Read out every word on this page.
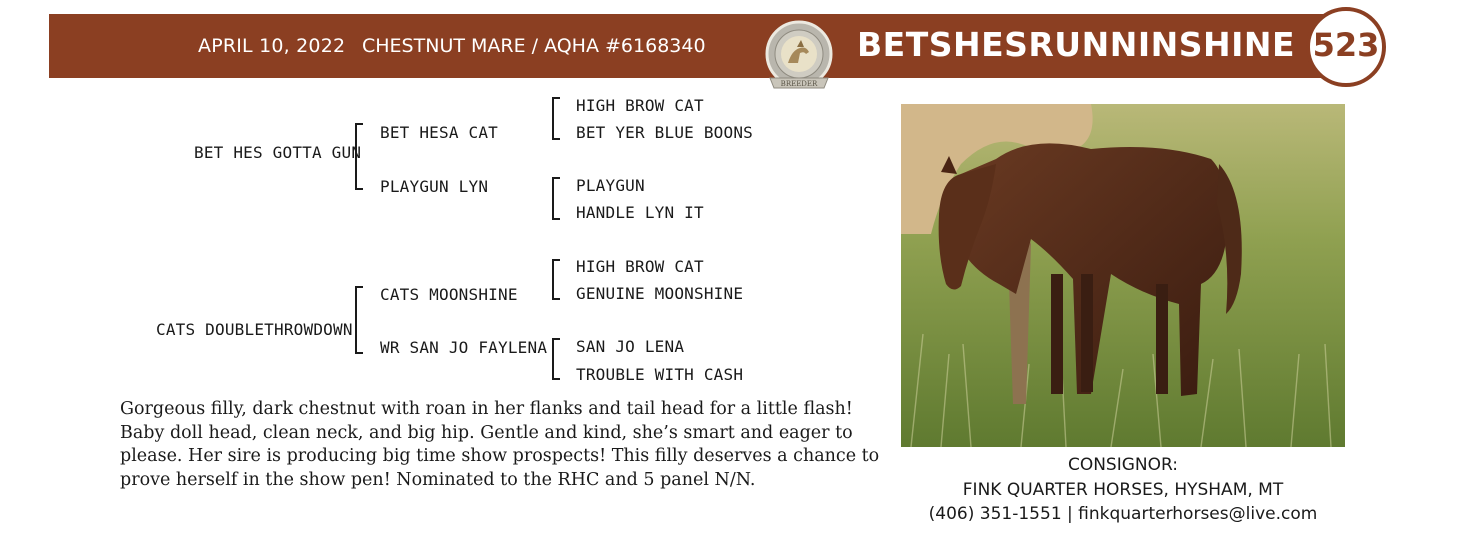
APRIL 10, 2022 CHESTNUT MARE / AQHA #6168340
BREEDER
BETSHESRUNNINSHINE 523
BET HES GOTTA GUN
BET HESA CAT
PLAYGUN LYN
HIGH BROW CAT
BET YER BLUE BOONS
PLAYGUN
HANDLE LYN IT
CATS DOUBLETHROWDOWN
CATS MOONSHINE
WR SAN JO FAYLENA
HIGH BROW CAT
GENUINE MOONSHINE
SAN JO LENA
TROUBLE WITH CASH
Gorgeous filly, dark chestnut with roan in her flanks and tail head for a little flash! Baby doll head, clean neck, and big hip. Gentle and kind, she’s smart and eager to please. Her sire is producing big time show prospects! This filly deserves a chance to prove herself in the show pen! Nominated to the RHC and 5 panel N/N.
CONSIGNOR:
FINK QUARTER HORSES, HYSHAM, MT
(406) 351-1551 | finkquarterhorses@live.com
